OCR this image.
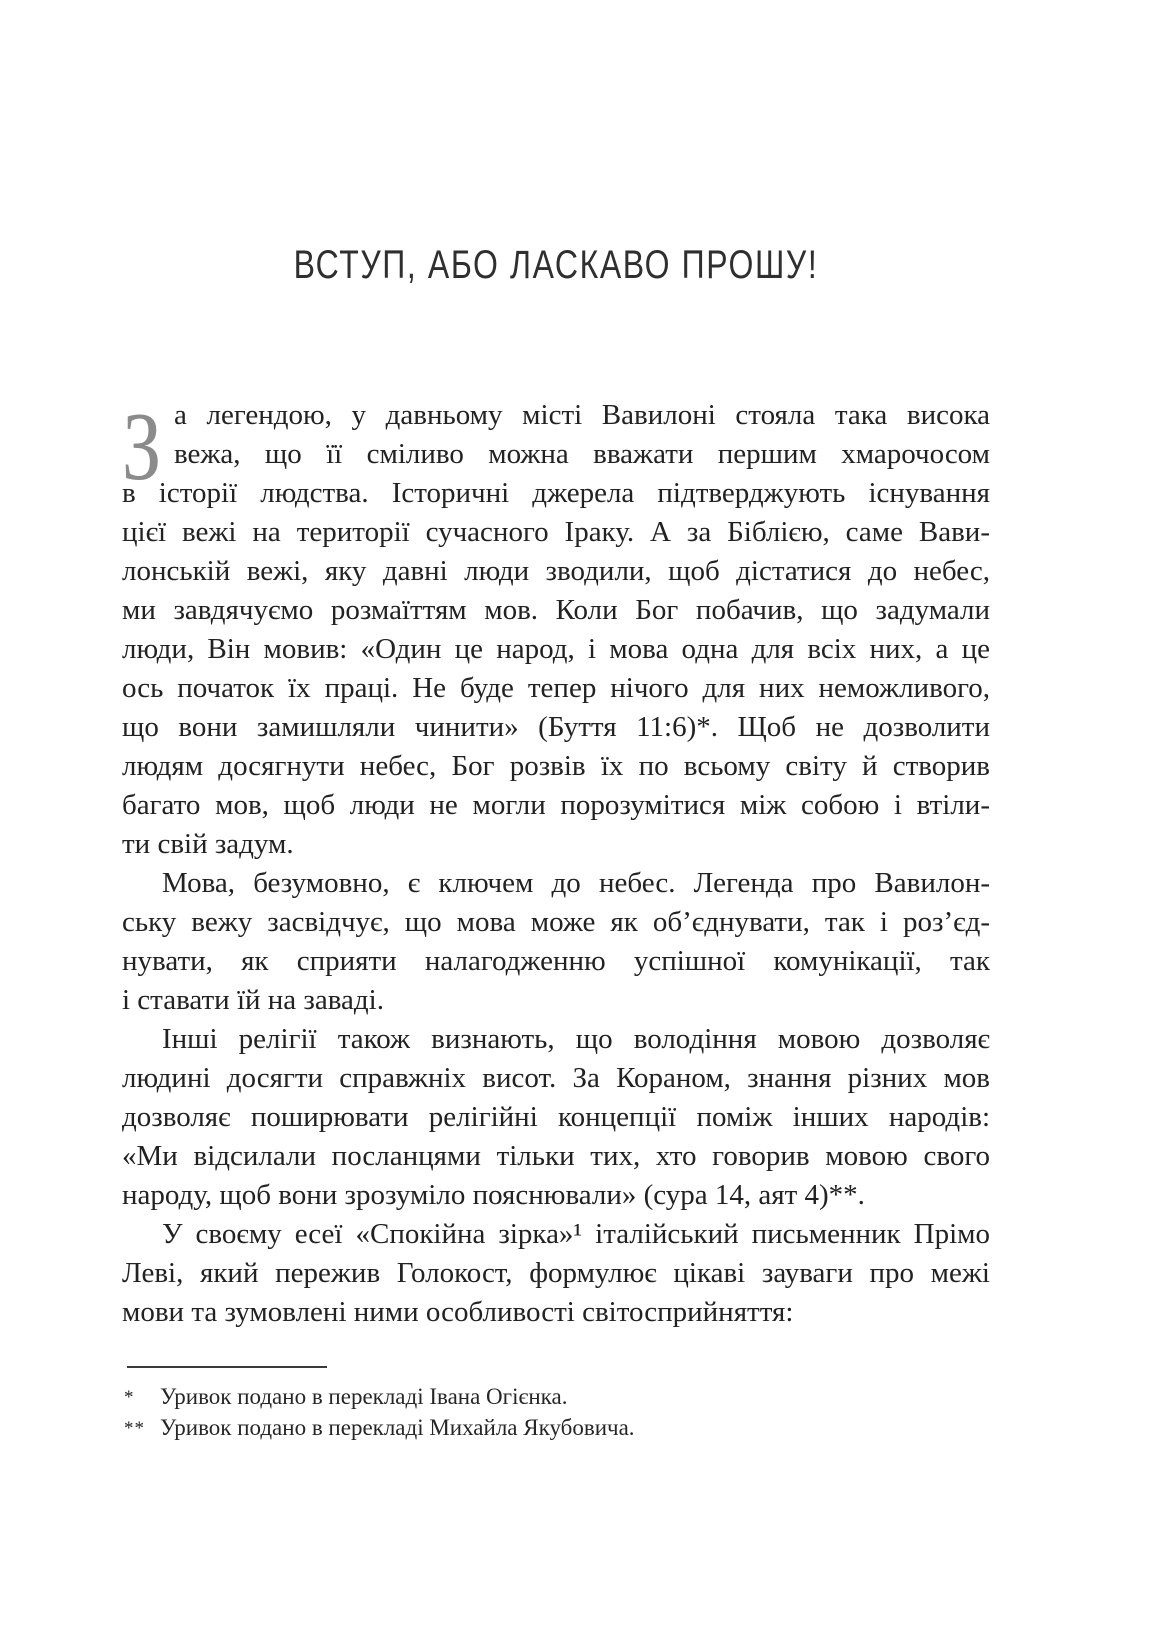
ВСТУП, АБО ЛАСКАВО ПРОШУ!
З а легендою, у давньому місті Вавилоні стояла така висока
вежа, що її сміливо можна вважати першим хмарочосом
в історії людства. Історичні джерела підтверджують існування
цієї вежі на території сучасного Іраку. А за Біблією, саме Вави-
лонській вежі, яку давні люди зводили, щоб дістатися до небес,
ми завдячуємо розмаїттям мов. Коли Бог побачив, що задумали
люди, Він мовив: «Один це народ, і мова одна для всіх них, а це
ось початок їх праці. Не буде тепер нічого для них неможливого,
що вони замишляли чинити» (Буття 11:6)*. Щоб не дозволити
людям досягнути небес, Бог розвів їх по всьому світу й створив
багато мов, щоб люди не могли порозумітися між собою і втіли-
ти свій задум.
Мова, безумовно, є ключем до небес. Легенда про Вавилон-
ську вежу засвідчує, що мова може як об’єднувати, так і роз’єд-
нувати, як сприяти налагодженню успішної комунікації, так
і ставати їй на заваді.
Інші релігії також визнають, що володіння мовою дозволяє
людині досягти справжніх висот. За Кораном, знання різних мов
дозволяє поширювати релігійні концепції поміж інших народів:
«Ми відсилали посланцями тільки тих, хто говорив мовою свого
народу, щоб вони зрозуміло пояснювали» (сура 14, аят 4)**.
У своєму есеї «Спокійна зірка»¹ італійський письменник Прімо
Леві, який пережив Голокост, формулює цікаві зауваги про межі
мови та зумовлені ними особливості світосприйняття:
*	Уривок подано в перекладі Івана Огієнка.
** Уривок подано в перекладі Михайла Якубовича.
